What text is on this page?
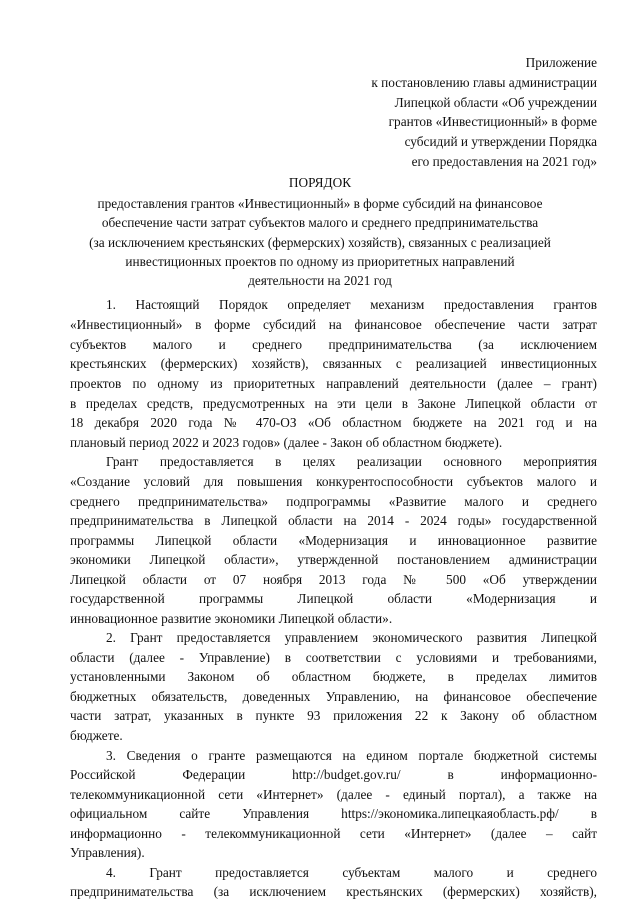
Приложение

к постановлению главы администрации

Липецкой области «Об учреждении

грантов «Инвестиционный» в форме

субсидий и утверждении Порядка

его предоставления на 2021 год»

ПОРЯДОК

предоставления грантов «Инвестиционный» в форме субсидий на финансовое

обеспечение части затрат субъектов малого и среднего предпринимательства

(за исключением крестьянских (фермерских) хозяйств), связанных с реализацией

инвестиционных проектов по одному из приоритетных направлений

деятельности на 2021 год

1. Настоящий Порядок определяет механизм предоставления грантов

«Инвестиционный» в форме субсидий на финансовое обеспечение части затрат

субъектов малого и среднего предпринимательства (за исключением

крестьянских (фермерских) хозяйств), связанных с реализацией инвестиционных

проектов по одному из приоритетных направлений деятельности (далее – грант)

в пределах средств, предусмотренных на эти цели в Законе Липецкой области от

18 декабря 2020 года № 470-ОЗ «Об областном бюджете на 2021 год и на

плановый период 2022 и 2023 годов» (далее - Закон об областном бюджете).

Грант предоставляется в целях реализации основного мероприятия

«Создание условий для повышения конкурентоспособности субъектов малого и

среднего предпринимательства» подпрограммы «Развитие малого и среднего

предпринимательства в Липецкой области на 2014 - 2024 годы» государственной

программы Липецкой области «Модернизация и инновационное развитие

экономики Липецкой области», утвержденной постановлением администрации

Липецкой области от 07 ноября 2013 года № 500 «Об утверждении

государственной программы Липецкой области «Модернизация и

инновационное развитие экономики Липецкой области».

2. Грант предоставляется управлением экономического развития Липецкой

области (далее - Управление) в соответствии с условиями и требованиями,

установленными Законом об областном бюджете, в пределах лимитов

бюджетных обязательств, доведенных Управлению, на финансовое обеспечение

части затрат, указанных в пункте 93 приложения 22 к Закону об областном

бюджете.

3. Сведения о гранте размещаются на едином портале бюджетной системы

Российской Федерации http://budget.gov.ru/ в информационно-

телекоммуникационной сети «Интернет» (далее - единый портал), а также на

официальном сайте Управления https://экономика.липецкаяобласть.рф/ в

информационно - телекоммуникационной сети «Интернет» (далее – сайт

Управления).

4. Грант предоставляется субъектам малого и среднего

предпринимательства (за исключением крестьянских (фермерских) хозяйств),
